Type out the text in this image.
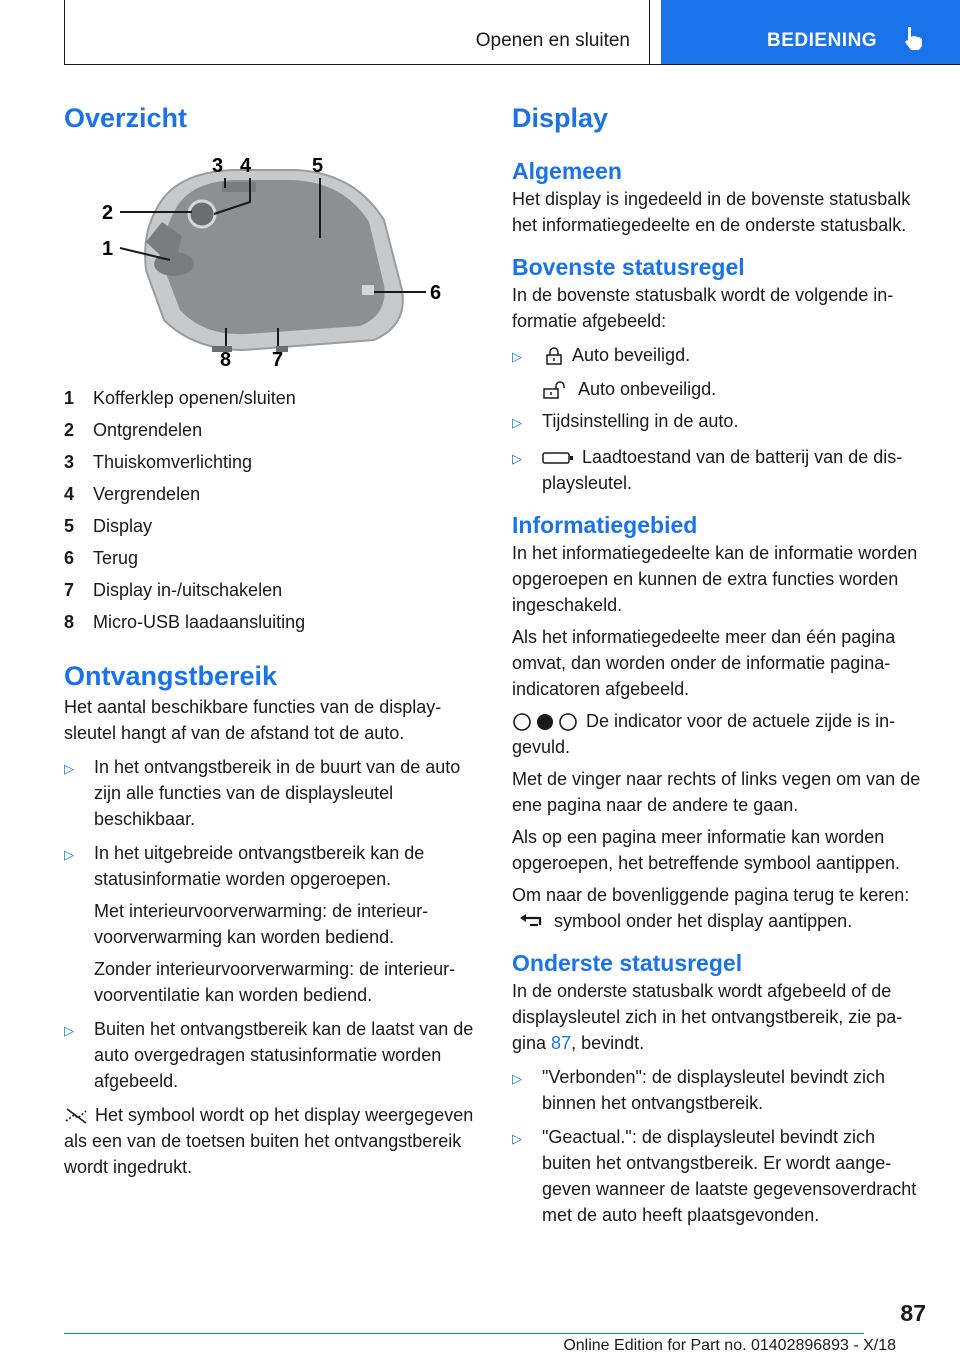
Openen en sluiten	BEDIENING
Overzicht
3 4	5
2
1
6
8 7
1	Kofferklep openen/sluiten
2	Ontgrendelen
3	Thuiskomverlichting
4	Vergrendelen
5	Display
6	Terug
7	Display in-/uitschakelen
8	Micro-USB laadaansluiting
Ontvangstbereik

Het aantal beschikbare functies van de displaysleutel hangt af van de afstand tot de auto.

▷	In het ontvangstbereik in de buurt van de auto zijn alle functies van de displaysleutel beschikbaar.
▷	In het uitgebreide ontvangstbereik kan de statusinformatie worden opgeroepen.
Met interieurvoorverwarming: de interieurvoorverwarming kan worden bediend.
Zonder interieurvoorverwarming: de interieurvoorventilatie kan worden bediend.
▷	Buiten het ontvangstbereik kan de laatst van de auto overgedragen statusinformatie worden afgebeeld.

Het symbool wordt op het display weergegeven als een van de toetsen buiten het ontvangstbereik wordt ingedrukt.

Display
Algemeen

Het display is ingedeeld in de bovenste statusbalk het informatiegedeelte en de onderste statusbalk.

Bovenste statusregel

In de bovenste statusbalk wordt de volgende informatie afgebeeld:

▷	Auto beveiligd.
Auto onbeveiligd.
▷	Tijdsinstelling in de auto.
▷	Laadtoestand van de batterij van de displaysleutel.
Informatiegebied

In het informatiegedeelte kan de informatie worden opgeroepen en kunnen de extra functies worden ingeschakeld.

Als het informatiegedeelte meer dan één pagina omvat, dan worden onder de informatie pagina-indicatoren afgebeeld.

De indicator voor de actuele zijde is ingevuld.

Met de vinger naar rechts of links vegen om van de ene pagina naar de andere te gaan.

Als op een pagina meer informatie kan worden opgeroepen, het betreffende symbool aantippen.

Om naar de bovenliggende pagina terug te keren: symbool onder het display aantippen.

Onderste statusregel

In de onderste statusbalk wordt afgebeeld of de displaysleutel zich in het ontvangstbereik, zie pagina 87, bevindt.

▷	"Verbonden": de displaysleutel bevindt zich binnen het ontvangstbereik.
▷	"Geactual.": de displaysleutel bevindt zich buiten het ontvangstbereik. Er wordt aangegeven wanneer de laatste gegevensoverdracht met de auto heeft plaatsgevonden.
87
Online Edition for Part no. 01402896893 - X/18
